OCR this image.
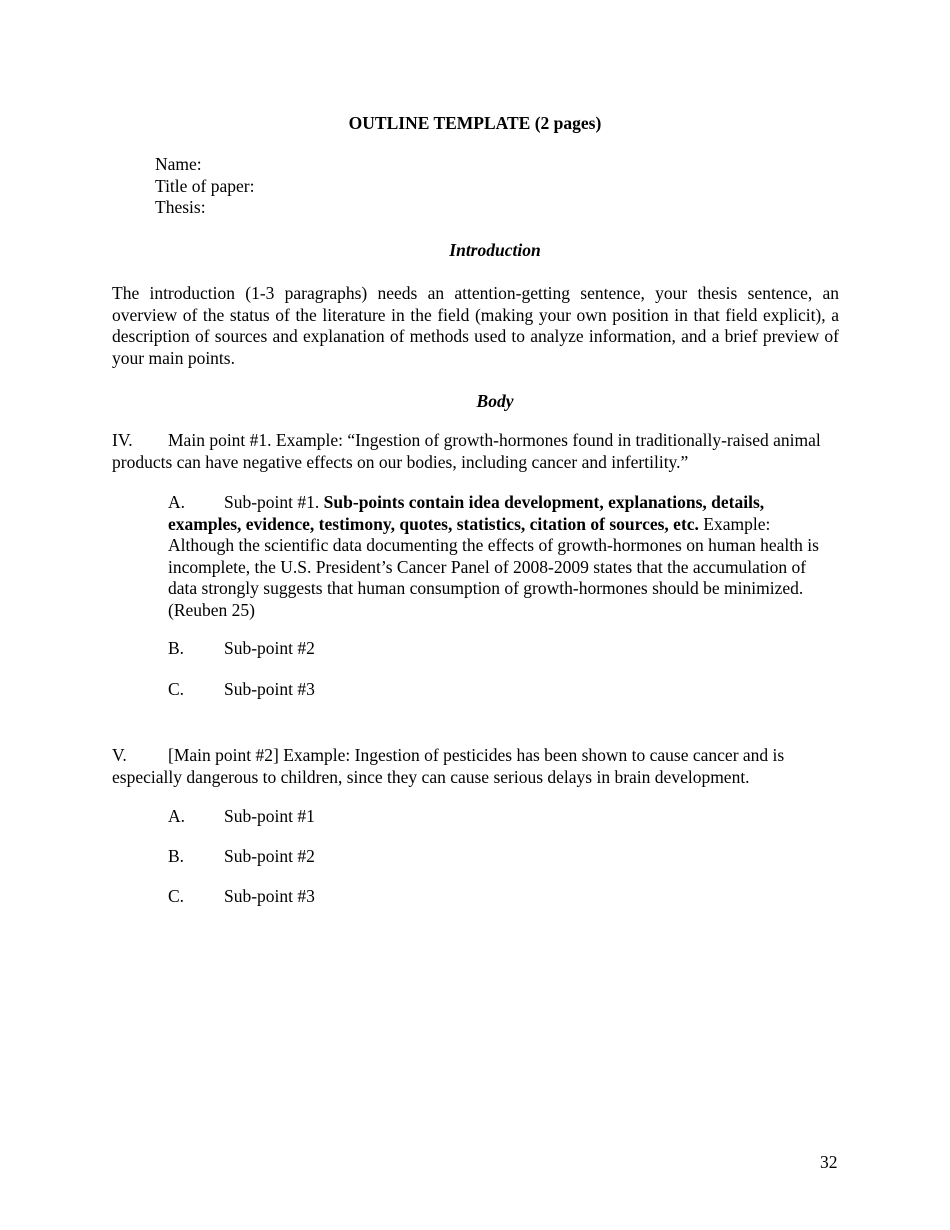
OUTLINE TEMPLATE (2 pages)
Name:
Title of paper:
Thesis:
Introduction
The introduction (1-3 paragraphs) needs an attention-getting sentence, your thesis sentence, an overview of the status of the literature in the field (making your own position in that field explicit), a description of sources and explanation of methods used to analyze information, and a brief preview of your main points.
Body
IV. Main point #1. Example: “Ingestion of growth-hormones found in traditionally-raised animal products can have negative effects on our bodies, including cancer and infertility.”
A. Sub-point #1. Sub-points contain idea development, explanations, details, examples, evidence, testimony, quotes, statistics, citation of sources, etc. Example: Although the scientific data documenting the effects of growth-hormones on human health is incomplete, the U.S. President’s Cancer Panel of 2008-2009 states that the accumulation of data strongly suggests that human consumption of growth-hormones should be minimized. (Reuben 25)
B. Sub-point #2
C. Sub-point #3
V. [Main point #2] Example: Ingestion of pesticides has been shown to cause cancer and is especially dangerous to children, since they can cause serious delays in brain development.
A. Sub-point #1
B. Sub-point #2
C. Sub-point #3
32
